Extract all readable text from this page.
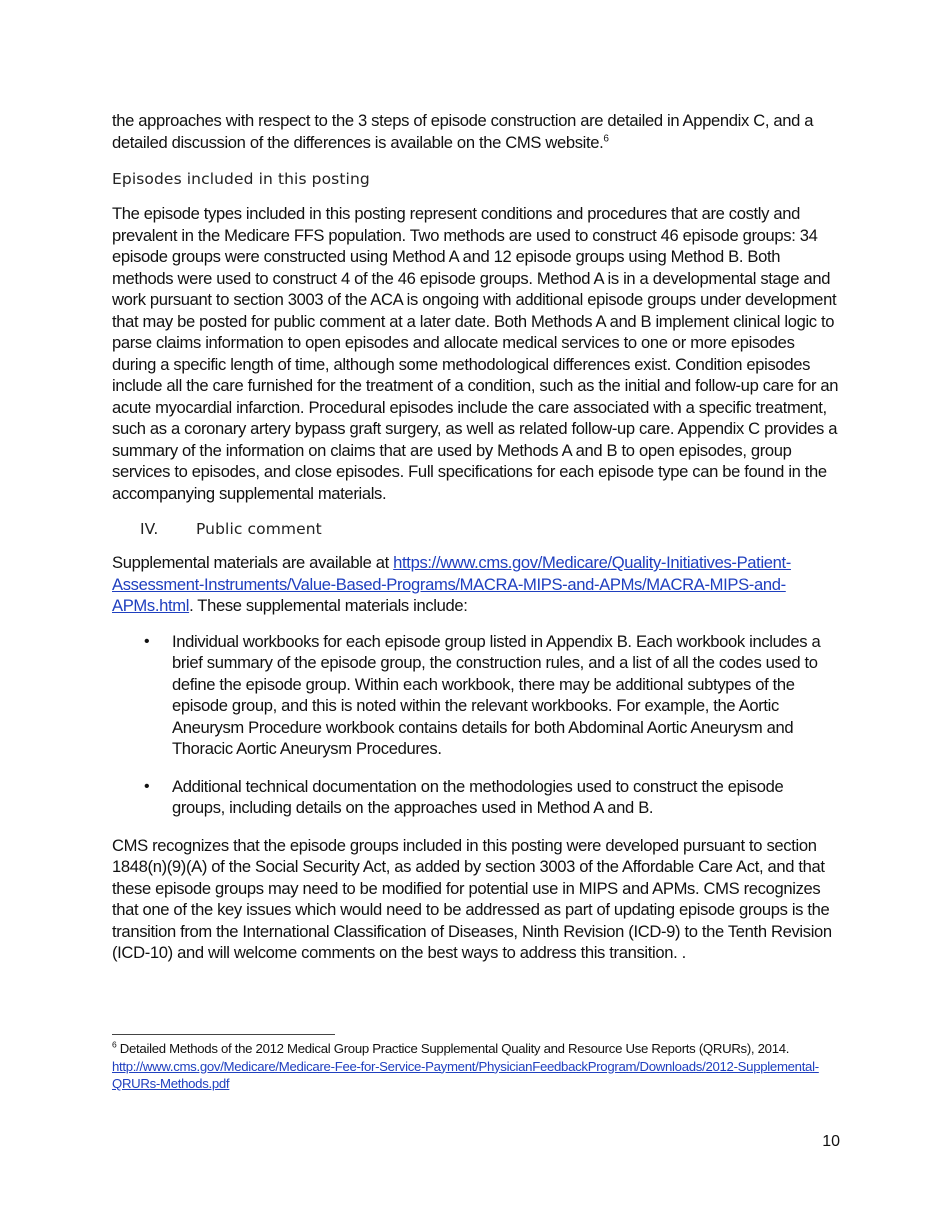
the approaches with respect to the 3 steps of episode construction are detailed in Appendix C, and a detailed discussion of the differences is available on the CMS website.$^6$

Episodes included in this posting

The episode types included in this posting represent conditions and procedures that are costly and prevalent in the Medicare FFS population. Two methods are used to construct 46 episode groups: 34 episode groups were constructed using Method A and 12 episode groups using Method B. Both methods were used to construct 4 of the 46 episode groups. Method A is in a developmental stage and work pursuant to section 3003 of the ACA is ongoing with additional episode groups under development that may be posted for public comment at a later date. Both Methods A and B implement clinical logic to parse claims information to open episodes and allocate medical services to one or more episodes during a specific length of time, although some methodological differences exist. Condition episodes include all the care furnished for the treatment of a condition, such as the initial and follow-up care for an acute myocardial infarction. Procedural episodes include the care associated with a specific treatment, such as a coronary artery bypass graft surgery, as well as related follow-up care. Appendix C provides a summary of the information on claims that are used by Methods A and B to open episodes, group services to episodes, and close episodes. Full specifications for each episode type can be found in the accompanying supplemental materials.

IV.	Public comment

Supplemental materials are available at https://www.cms.gov/Medicare/Quality-Initiatives-Patient-Assessment-Instruments/Value-Based-Programs/MACRA-MIPS-and-APMs/MACRA-MIPS-and-APMs.html. These supplemental materials include:

• Individual workbooks for each episode group listed in Appendix B. Each workbook includes a brief summary of the episode group, the construction rules, and a list of all the codes used to define the episode group. Within each workbook, there may be additional subtypes of the episode group, and this is noted within the relevant workbooks. For example, the Aortic Aneurysm Procedure workbook contains details for both Abdominal Aortic Aneurysm and Thoracic Aortic Aneurysm Procedures.
• Additional technical documentation on the methodologies used to construct the episode groups, including details on the approaches used in Method A and B.

CMS recognizes that the episode groups included in this posting were developed pursuant to section 1848(n)(9)(A) of the Social Security Act, as added by section 3003 of the Affordable Care Act, and that these episode groups may need to be modified for potential use in MIPS and APMs. CMS recognizes that one of the key issues which would need to be addressed as part of updating episode groups is the transition from the International Classification of Diseases, Ninth Revision (ICD-9) to the Tenth Revision (ICD-10) and will welcome comments on the best ways to address this transition. .

$^6$ Detailed Methods of the 2012 Medical Group Practice Supplemental Quality and Resource Use Reports (QRURs), 2014. http://www.cms.gov/Medicare/Medicare-Fee-for-Service-Payment/PhysicianFeedbackProgram/Downloads/2012-Supplemental-QRURs-Methods.pdf
10
